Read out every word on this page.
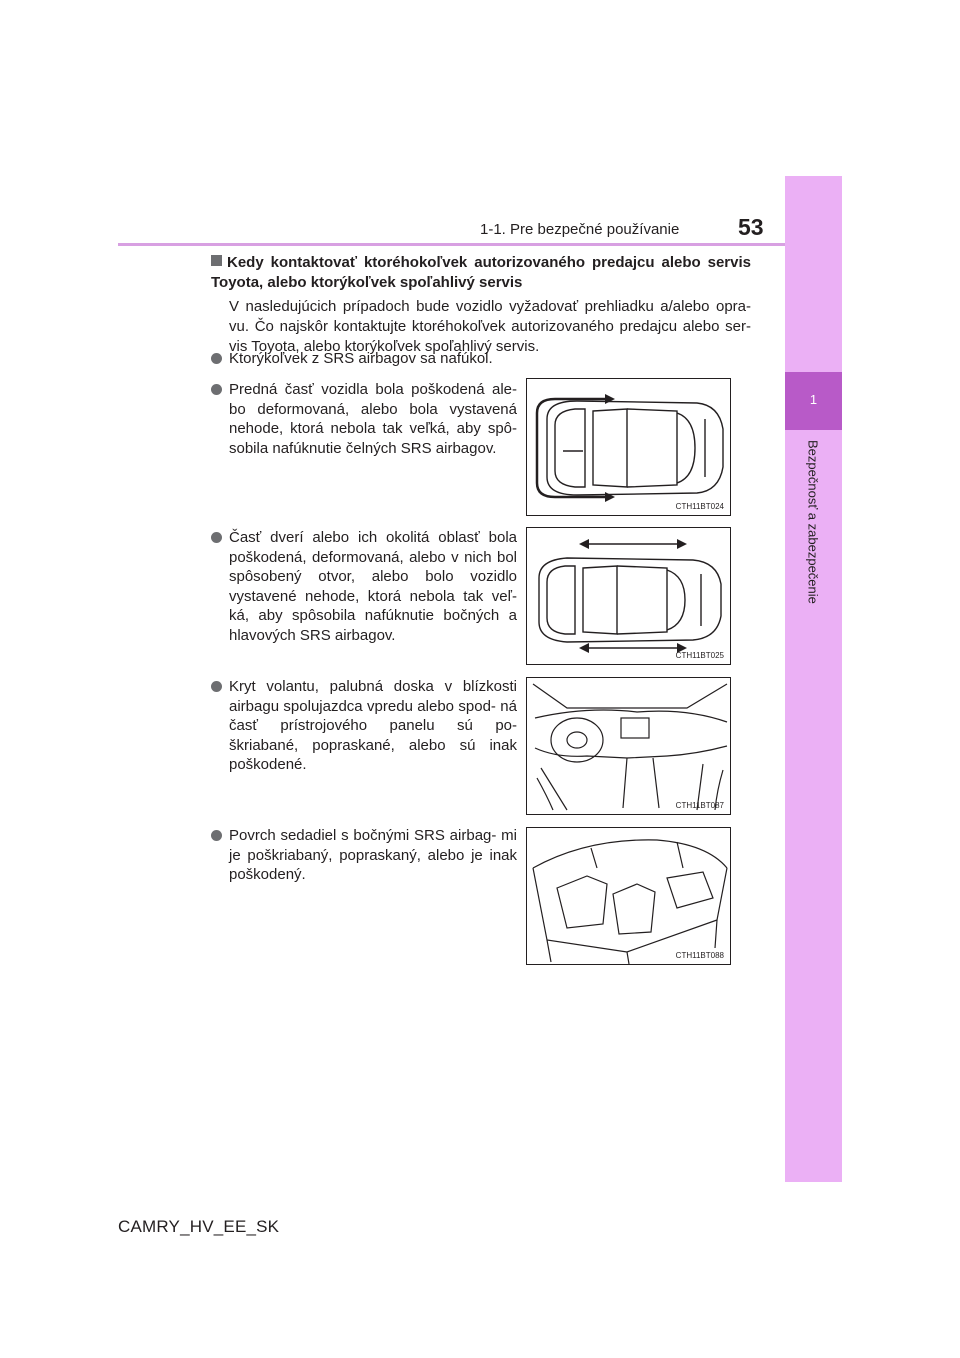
1
Bezpečnosť a zabezpečenie
1-1. Pre bezpečné používanie	53
Kedy kontaktovať ktoréhokoľvek autorizovaného predajcu alebo servis Toyota, alebo ktorýkoľvek spoľahlivý servis
V nasledujúcich prípadoch bude vozidlo vyžadovať prehliadku a/alebo opra- vu. Čo najskôr kontaktujte ktoréhokoľvek autorizovaného predajcu alebo ser- vis Toyota, alebo ktorýkoľvek spoľahlivý servis.
Ktorýkoľvek z SRS airbagov sa nafúkol.
Predná časť vozidla bola poškodená ale- bo deformovaná, alebo bola vystavená nehode, ktorá nebola tak veľká, aby spô- sobila nafúknutie čelných SRS airbagov.
CTH11BT024
Časť dverí alebo ich okolitá oblasť bola poškodená, deformovaná, alebo v nich bol spôsobený otvor, alebo bolo vozidlo vystavené nehode, ktorá nebola tak veľ- ká, aby spôsobila nafúknutie bočných a hlavových SRS airbagov.
CTH11BT025
Kryt volantu, palubná doska v blízkosti airbagu spolujazdca vpredu alebo spod- ná časť prístrojového panelu sú po- škriabané, popraskané, alebo sú inak poškodené.
CTH11BT087
Povrch sedadiel s bočnými SRS airbag- mi je poškriabaný, popraskaný, alebo je inak poškodený.
CTH11BT088
CAMRY_HV_EE_SK
